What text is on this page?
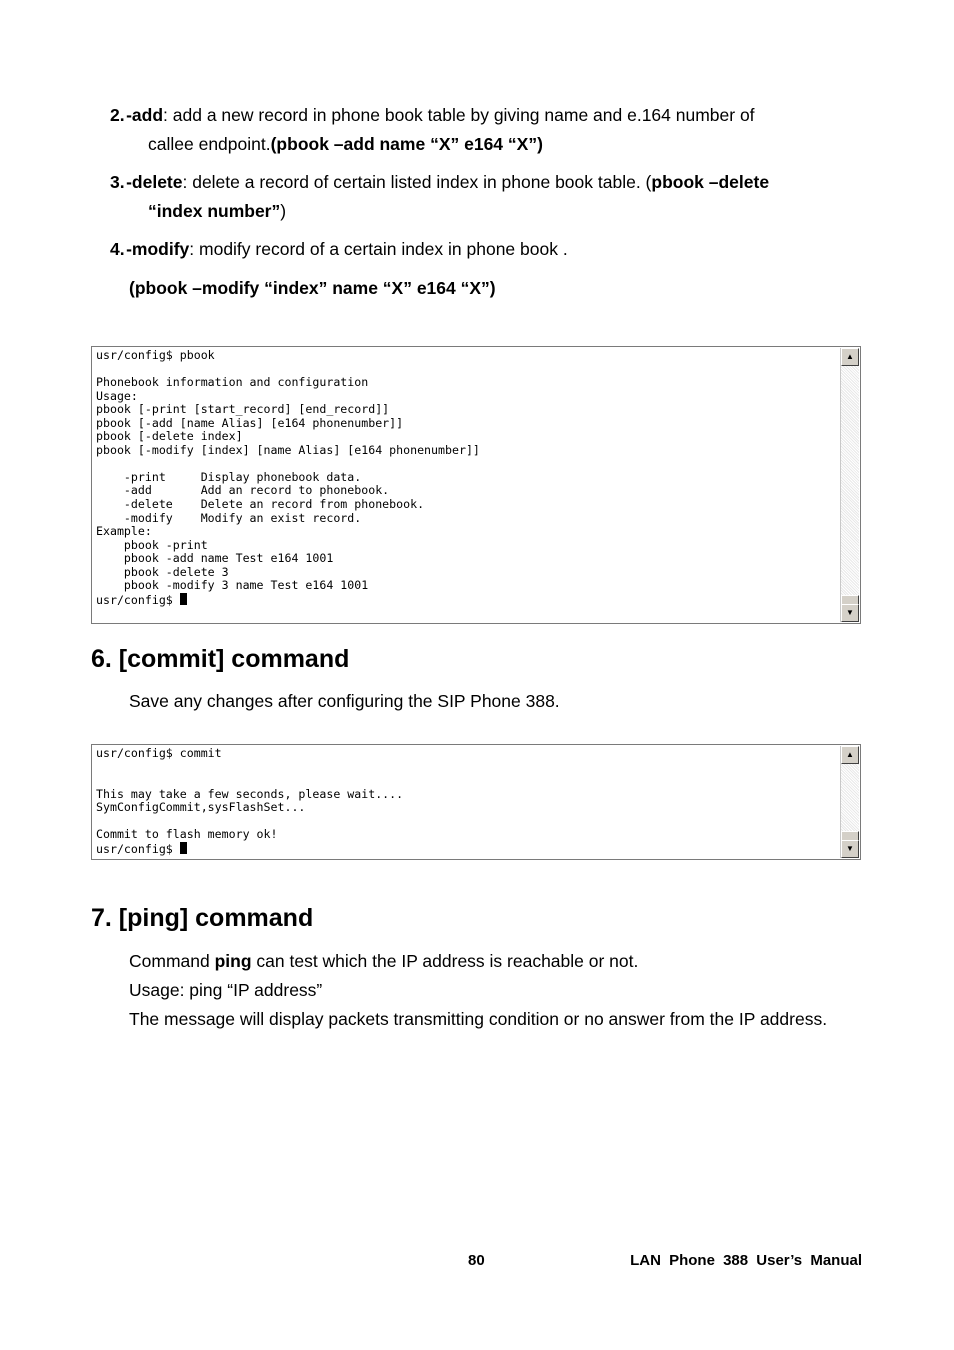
2. -add: add a new record in phone book table by giving name and e.164 number of
callee endpoint.(pbook –add name “X” e164 “X”)
3. -delete: delete a record of certain listed index in phone book table. (pbook –delete
“index number”)
4. -modify: modify record of a certain index in phone book .
(pbook –modify “index” name “X” e164 “X”)
usr/config$ pbook

Phonebook information and configuration
Usage:
pbook [-print [start_record] [end_record]]
pbook [-add [name Alias] [e164 phonenumber]]
pbook [-delete index]
pbook [-modify [index] [name Alias] [e164 phonenumber]]

-print     Display phonebook data.
-add       Add an record to phonebook.
-delete    Delete an record from phonebook.
-modify    Modify an exist record.
Example:
pbook -print
pbook -add name Test e164 1001
pbook -delete 3
pbook -modify 3 name Test e164 1001
usr/config$
▲
▼
6. [commit] command

Save any changes after configuring the SIP Phone 388.

usr/config$ commit

This may take a few seconds, please wait....
SymConfigCommit,sysFlashSet...

Commit to flash memory ok!
usr/config$
▲
▼
7. [ping] command

Command ping can test which the IP address is reachable or not.

Usage: ping “IP address”

The message will display packets transmitting condition or no answer from the IP address.

80	LAN Phone 388 User’s Manual
